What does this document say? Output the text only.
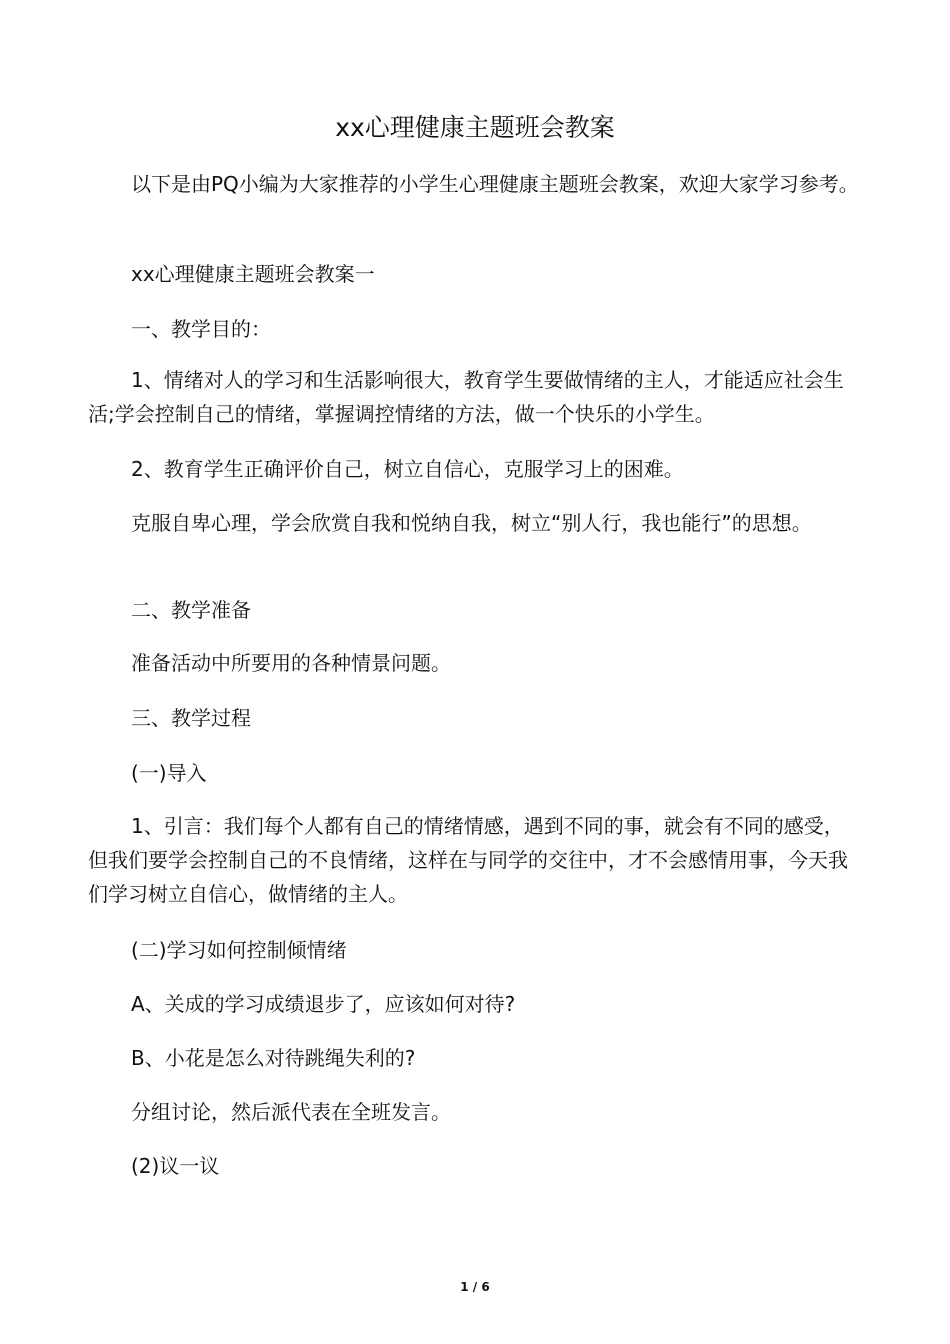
xx心理健康主题班会教案
以下是由PQ小编为大家推荐的小学生心理健康主题班会教案，欢迎大家学习参考。
xx心理健康主题班会教案一
一、教学目的：
1、情绪对人的学习和生活影响很大，教育学生要做情绪的主人，才能适应社会生活;学会控制自己的情绪，掌握调控情绪的方法，做一个快乐的小学生。
2、教育学生正确评价自己，树立自信心，克服学习上的困难。
克服自卑心理，学会欣赏自我和悦纳自我，树立“别人行，我也能行”的思想。
二、教学准备
准备活动中所要用的各种情景问题。
三、教学过程
(一)导入
1、引言：我们每个人都有自己的情绪情感，遇到不同的事，就会有不同的感受，但我们要学会控制自己的不良情绪，这样在与同学的交往中，才不会感情用事，今天我们学习树立自信心，做情绪的主人。
(二)学习如何控制倾情绪
A、关成的学习成绩退步了，应该如何对待?
B、小花是怎么对待跳绳失利的?
分组讨论，然后派代表在全班发言。
(2)议一议
1 / 6
